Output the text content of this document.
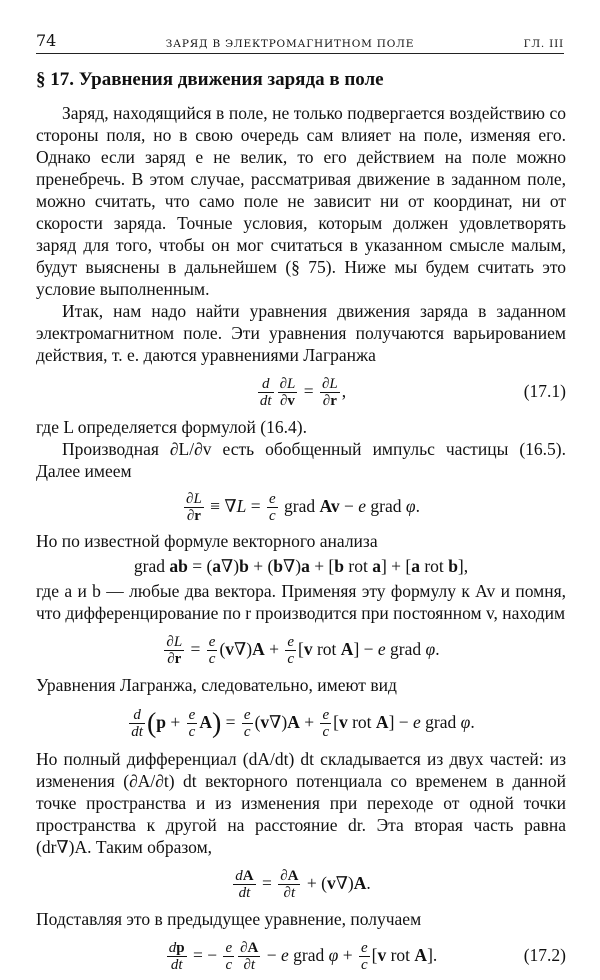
74	ЗАРЯД В ЭЛЕКТРОМАГНИТНОМ ПОЛЕ	ГЛ. III
§ 17. Уравнения движения заряда в поле

Заряд, находящийся в поле, не только подвергается воздействию со стороны поля, но в свою очередь сам влияет на поле, изменяя его. Однако если заряд e не велик, то его действием на поле можно пренебречь. В этом случае, рассматривая движение в заданном поле, можно считать, что само поле не зависит ни от координат, ни от скорости заряда. Точные условия, которым должен удовлетворять заряд для того, чтобы он мог считаться в указанном смысле малым, будут выяснены в дальнейшем (§ 75). Ниже мы будем считать это условие выполненным.

Итак, нам надо найти уравнения движения заряда в заданном электромагнитном поле. Эти уравнения получаются варьированием действия, т. е. даются уравнениями Лагранжа

$\frac{d}{dt} \frac{\partial L}{\partial v} = \frac{\partial L}{\partial r}$ ,	(17.1)

где L определяется формулой (16.4).

Производная ∂L/∂v есть обобщенный импульс частицы (16.5). Далее имеем

$\frac{\partial L}{\partial r} \equiv \nabla L = \frac{e}{c}$ grad Av − e grad φ.

Но по известной формуле векторного анализа

grad ab = (a∇)b + (b∇)a + [b rot a] + [a rot b],

где a и b — любые два вектора. Применяя эту формулу к Av и помня, что дифференцирование по r производится при постоянном v, находим

$\frac{\partial L}{\partial r} = \frac{e}{c} (v\nabla)A + \frac{e}{c} [v$ rot A] − e grad φ.

Уравнения Лагранжа, следовательно, имеют вид

$\frac{d}{dt} (p + \frac{e}{c} A) = \frac{e}{c} (v\nabla)A + \frac{e}{c} [v$ rot A] − e grad φ.

Но полный дифференциал (dA/dt) dt складывается из двух частей: из изменения (∂A/∂t) dt векторного потенциала со временем в данной точке пространства и из изменения при переходе от одной точки пространства к другой на расстояние dr. Эта вторая часть равна (dr∇)A. Таким образом,

$\frac{dA}{dt} = \frac{\partial A}{\partial t} + (v\nabla)A$.

Подставляя это в предыдущее уравнение, получаем

$\frac{dp}{dt}$ = − $\frac{e}{c} \frac{\partial A}{\partial t} - e$ grad $\varphi + \frac{e}{c} [v$ rot A].	(17.2)
